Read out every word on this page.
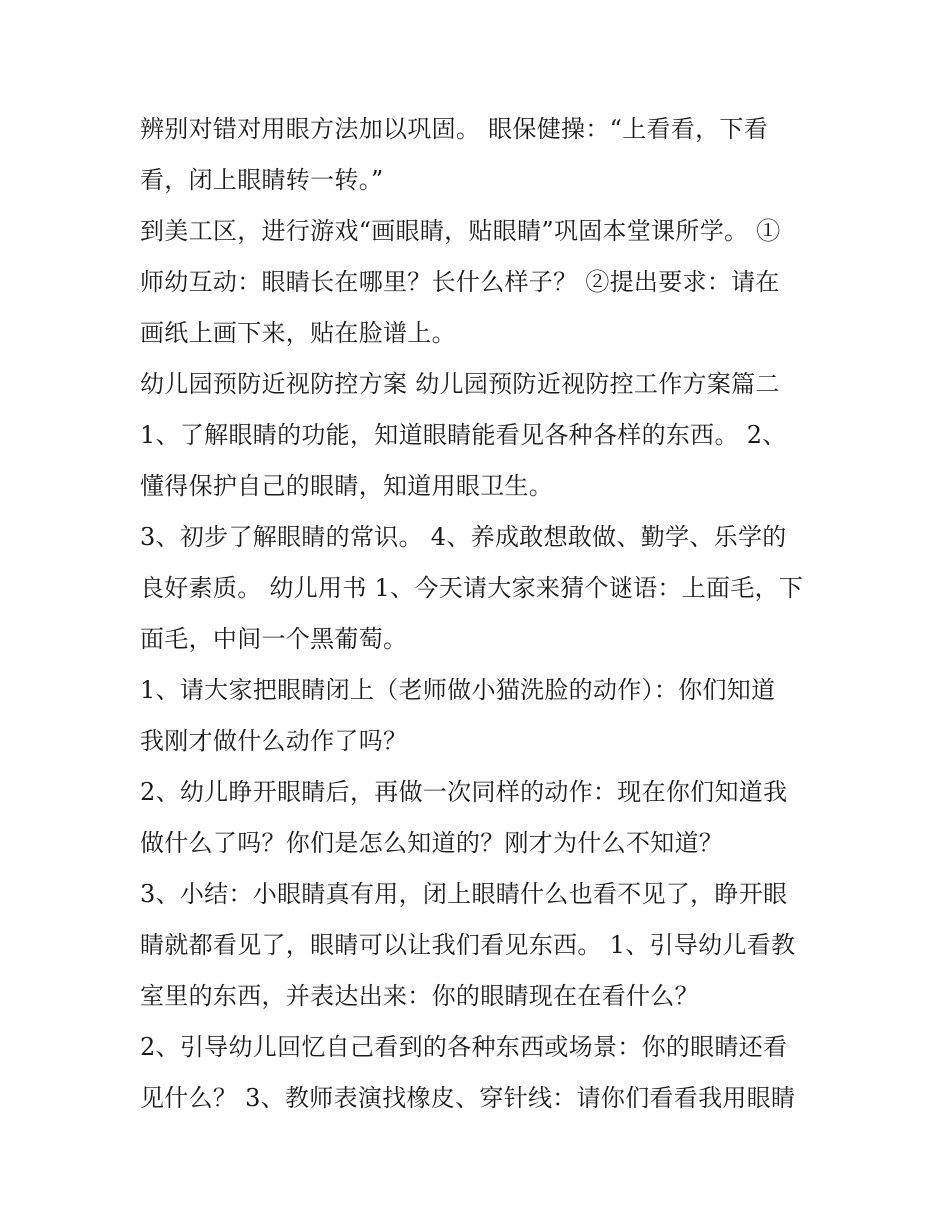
辨别对错对用眼方法加以巩固。 眼保健操：“上看看，下看
看，闭上眼睛转一转。”
到美工区，进行游戏“画眼睛，贴眼睛”巩固本堂课所学。 ①
师幼互动：眼睛长在哪里？长什么样子？ ②提出要求：请在
画纸上画下来，贴在脸谱上。
幼儿园预防近视防控方案 幼儿园预防近视防控工作方案篇二
1、了解眼睛的功能，知道眼睛能看见各种各样的东西。 2、
懂得保护自己的眼睛，知道用眼卫生。
3、初步了解眼睛的常识。 4、养成敢想敢做、勤学、乐学的
良好素质。 幼儿用书 1、今天请大家来猜个谜语：上面毛，下
面毛，中间一个黑葡萄。
1、请大家把眼睛闭上（老师做小猫洗脸的动作）：你们知道
我刚才做什么动作了吗？
2、幼儿睁开眼睛后，再做一次同样的动作：现在你们知道我
做什么了吗？你们是怎么知道的？刚才为什么不知道？
3、小结：小眼睛真有用，闭上眼睛什么也看不见了，睁开眼
睛就都看见了，眼睛可以让我们看见东西。 1、引导幼儿看教
室里的东西，并表达出来：你的眼睛现在在看什么？
2、引导幼儿回忆自己看到的各种东西或场景：你的眼睛还看
见什么？ 3、教师表演找橡皮、穿针线：请你们看看我用眼睛
